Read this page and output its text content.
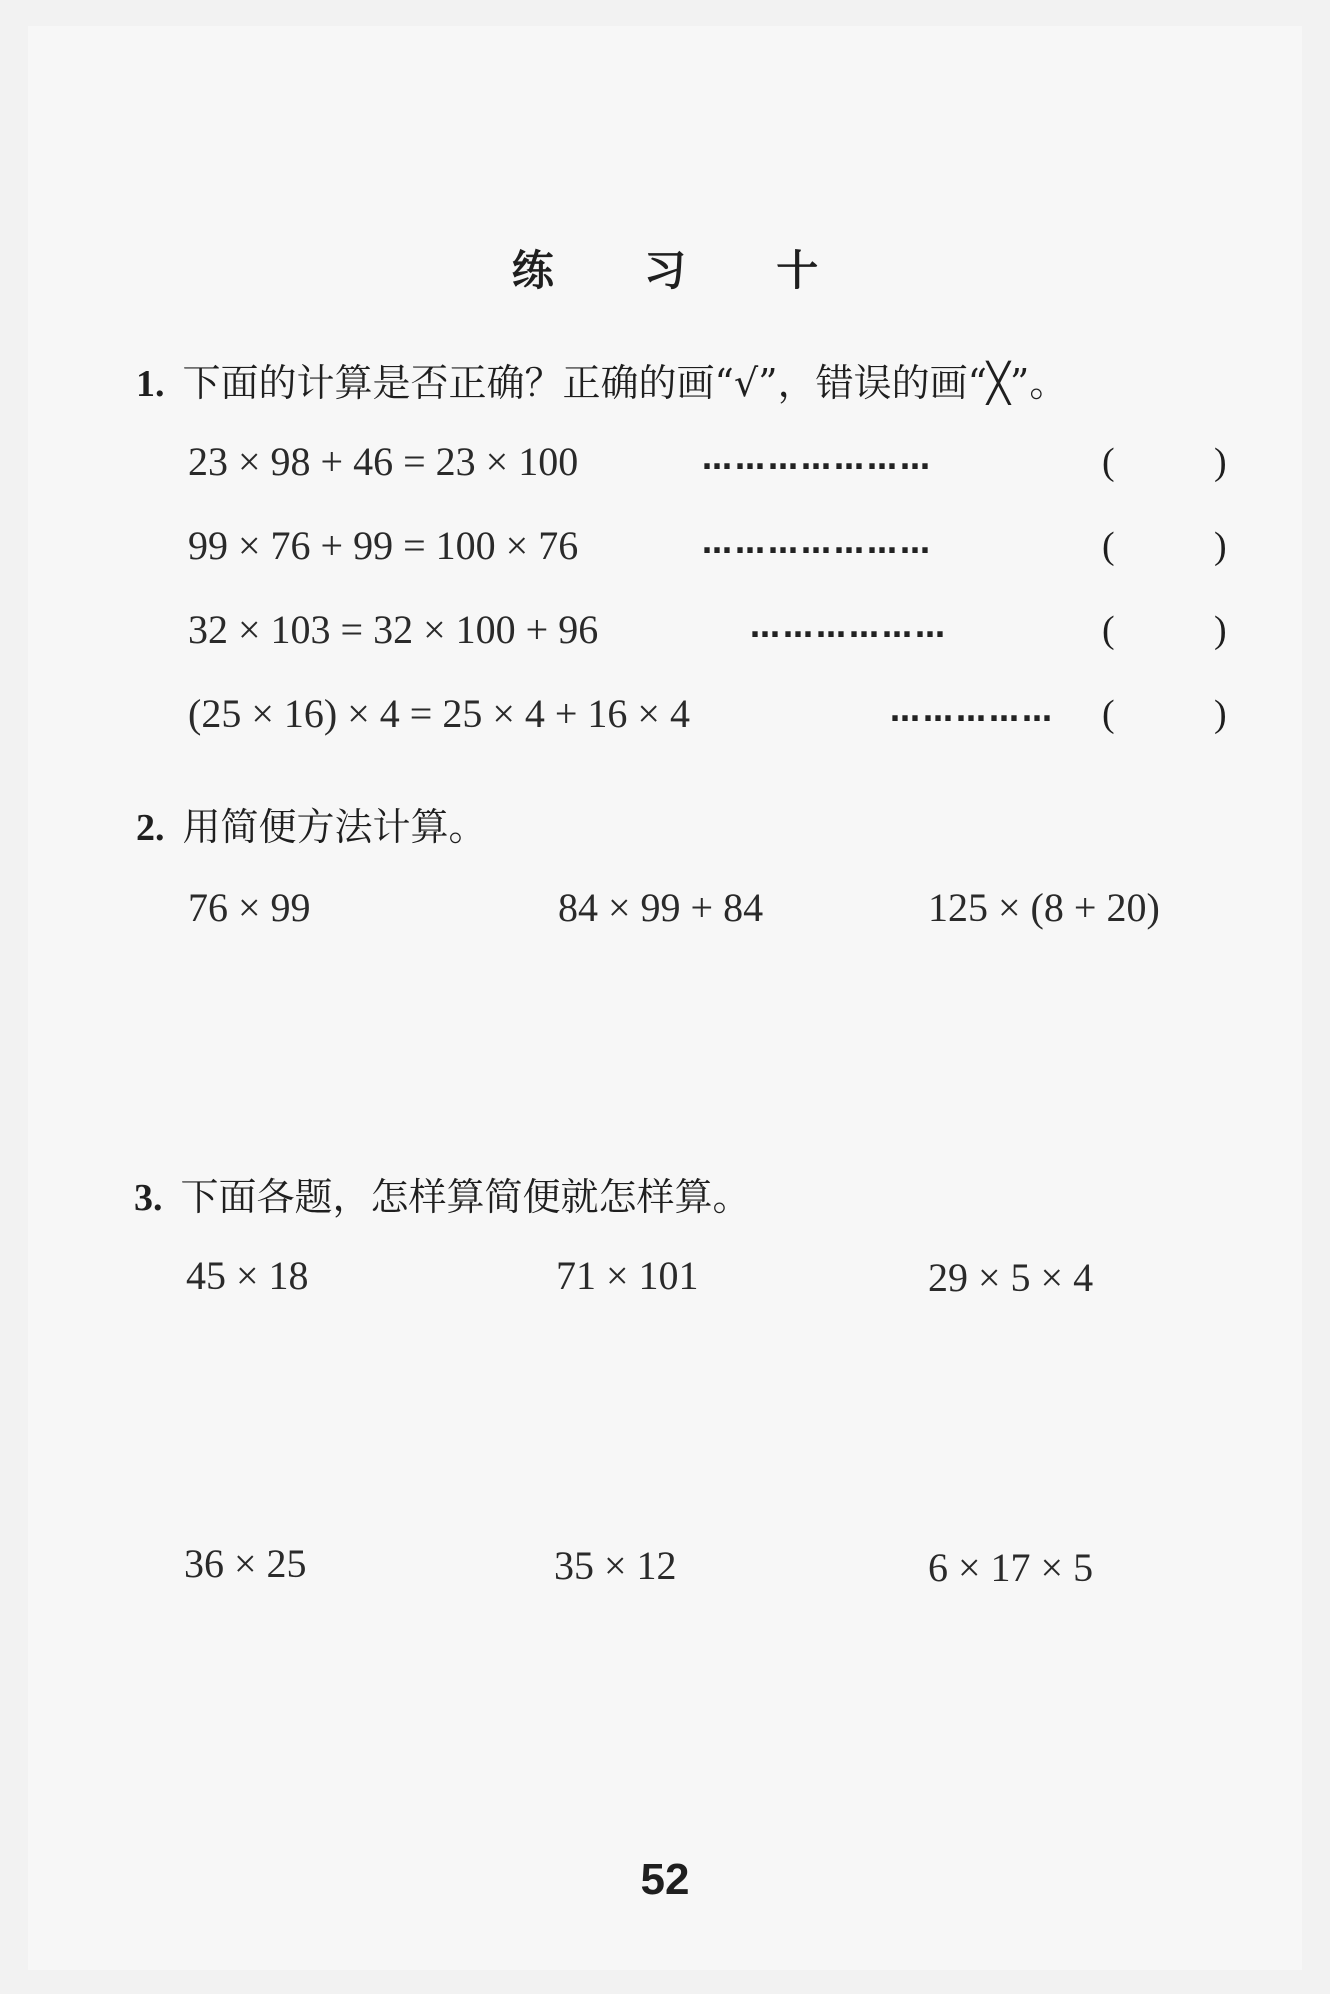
练 习 十
1. 下面的计算是否正确？正确的画“√”，错误的画“╳”。
23 × 98 + 46 = 23 × 100	…………………	(	)
99 × 76 + 99 = 100 × 76	…………………	(	)
32 × 103 = 32 × 100 + 96	………………	(	)
(25 × 16) × 4 = 25 × 4 + 16 × 4	…………… (	)
2. 用简便方法计算。
76 × 99	84 × 99 + 84	125 × (8 + 20)
3. 下面各题，怎样算简便就怎样算。
45 × 18	71 × 101	29 × 5 × 4
36 × 25	35 × 12	6 × 17 × 5
52
